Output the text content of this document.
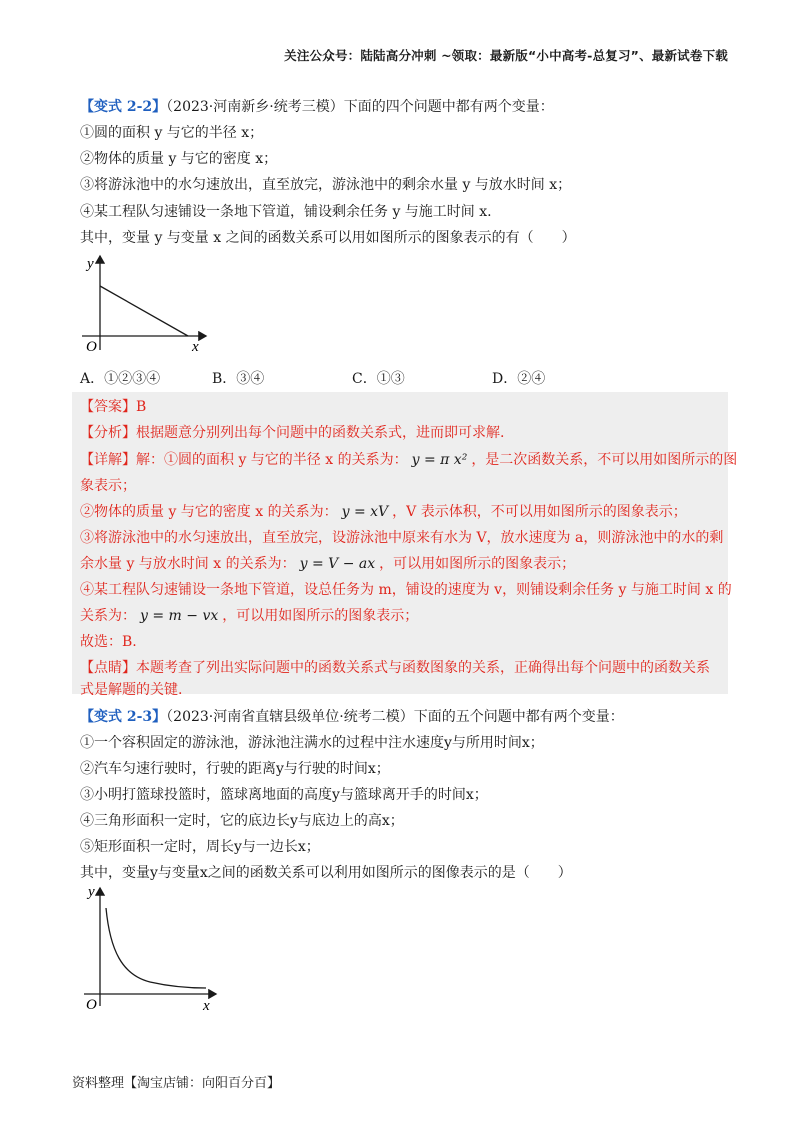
关注公众号：陆陆高分冲刺 ~领取：最新版“小中高考-总复习”、最新试卷下载
【变式 2-2】（2023·河南新乡·统考三模）下面的四个问题中都有两个变量：
①圆的面积 y 与它的半径 x；
②物体的质量 y 与它的密度 x；
③将游泳池中的水匀速放出，直至放完，游泳池中的剩余水量 y 与放水时间 x；
④某工程队匀速铺设一条地下管道，铺设剩余任务 y 与施工时间 x.
其中，变量 y 与变量 x 之间的函数关系可以用如图所示的图象表示的有（　　）
y
x
O
A．①②③④	B．③④	C．①③	D．②④
【答案】B
【分析】根据题意分别列出每个问题中的函数关系式，进而即可求解.
【详解】解：①圆的面积 y 与它的半径 x 的关系为： y = π x² ，是二次函数关系，不可以用如图所示的图
象表示；
②物体的质量 y 与它的密度 x 的关系为： y = xV ，V 表示体积，不可以用如图所示的图象表示；
③将游泳池中的水匀速放出，直至放完，设游泳池中原来有水为 V，放水速度为 a，则游泳池中的水的剩
余水量 y 与放水时间 x 的关系为： y = V − ax ，可以用如图所示的图象表示；
④某工程队匀速铺设一条地下管道，设总任务为 m，铺设的速度为 v，则铺设剩余任务 y 与施工时间 x 的
关系为： y = m − vx ，可以用如图所示的图象表示；
故选：B.
【点睛】本题考查了列出实际问题中的函数关系式与函数图象的关系，正确得出每个问题中的函数关系
式是解题的关键.
【变式 2-3】（2023·河南省直辖县级单位·统考二模）下面的五个问题中都有两个变量：
①一个容积固定的游泳池，游泳池注满水的过程中注水速度y与所用时间x；
②汽车匀速行驶时，行驶的距离y与行驶的时间x；
③小明打篮球投篮时，篮球离地面的高度y与篮球离开手的时间x；
④三角形面积一定时，它的底边长y与底边上的高x；
⑤矩形面积一定时，周长y与一边长x；
其中，变量y与变量x之间的函数关系可以利用如图所示的图像表示的是（　　）
y
x
O
资料整理【淘宝店铺：向阳百分百】
